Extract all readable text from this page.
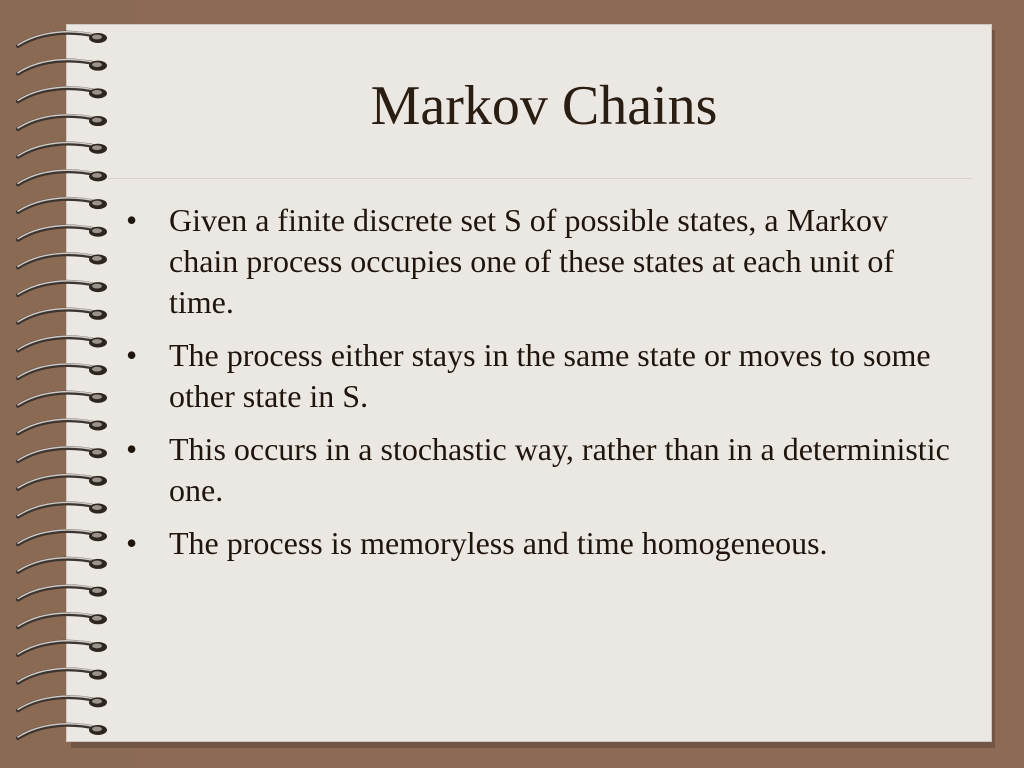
Markov Chains
• Given a finite discrete set S of possible states, a Markov chain process occupies one of these states at each unit of time.
• The process either stays in the same state or moves to some other state in S.
• This occurs in a stochastic way, rather than in a deterministic one.
• The process is memoryless and time homogeneous.
